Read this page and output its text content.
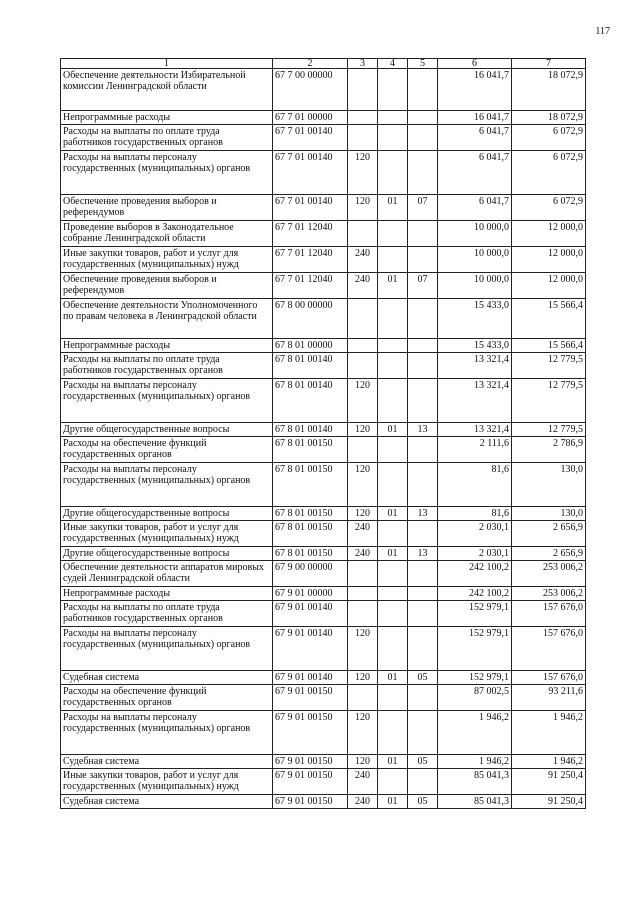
117
1	2	3	4	5	6	7
Обеспечение деятельности Избирательной комиссии Ленинградской области	67 7 00 00000				16 041,7	18 072,9
Непрограммные расходы	67 7 01 00000				16 041,7	18 072,9
Расходы на выплаты по оплате труда работников государственных органов	67 7 01 00140				6 041,7	6 072,9
Расходы на выплаты персоналу государственных (муниципальных) органов	67 7 01 00140	120			6 041,7	6 072,9
Обеспечение проведения выборов и референдумов	67 7 01 00140	120	01	07	6 041,7	6 072,9
Проведение выборов в Законодательное собрание Ленинградской области	67 7 01 12040				10 000,0	12 000,0
Иные закупки товаров, работ и услуг для государственных (муниципальных) нужд	67 7 01 12040	240			10 000,0	12 000,0
Обеспечение проведения выборов и референдумов	67 7 01 12040	240	01	07	10 000,0	12 000,0
Обеспечение деятельности Уполномоченного по правам человека в Ленинградской области	67 8 00 00000				15 433,0	15 566,4
Непрограммные расходы	67 8 01 00000				15 433,0	15 566,4
Расходы на выплаты по оплате труда работников государственных органов	67 8 01 00140				13 321,4	12 779,5
Расходы на выплаты персоналу государственных (муниципальных) органов	67 8 01 00140	120			13 321,4	12 779,5
Другие общегосударственные вопросы	67 8 01 00140	120	01	13	13 321,4	12 779,5
Расходы на обеспечение функций государственных органов	67 8 01 00150				2 111,6	2 786,9
Расходы на выплаты персоналу государственных (муниципальных) органов	67 8 01 00150	120			81,6	130,0
Другие общегосударственные вопросы	67 8 01 00150	120	01	13	81,6	130,0
Иные закупки товаров, работ и услуг для государственных (муниципальных) нужд	67 8 01 00150	240			2 030,1	2 656,9
Другие общегосударственные вопросы	67 8 01 00150	240	01	13	2 030,1	2 656,9
Обеспечение деятельности аппаратов мировых судей Ленинградской области	67 9 00 00000				242 100,2	253 006,2
Непрограммные расходы	67 9 01 00000				242 100,2	253 006,2
Расходы на выплаты по оплате труда работников государственных органов	67 9 01 00140				152 979,1	157 676,0
Расходы на выплаты персоналу государственных (муниципальных) органов	67 9 01 00140	120			152 979,1	157 676,0
Судебная система	67 9 01 00140	120	01	05	152 979,1	157 676,0
Расходы на обеспечение функций государственных органов	67 9 01 00150				87 002,5	93 211,6
Расходы на выплаты персоналу государственных (муниципальных) органов	67 9 01 00150	120			1 946,2	1 946,2
Судебная система	67 9 01 00150	120	01	05	1 946,2	1 946,2
Иные закупки товаров, работ и услуг для государственных (муниципальных) нужд	67 9 01 00150	240			85 041,3	91 250,4
Судебная система	67 9 01 00150	240	01	05	85 041,3	91 250,4
